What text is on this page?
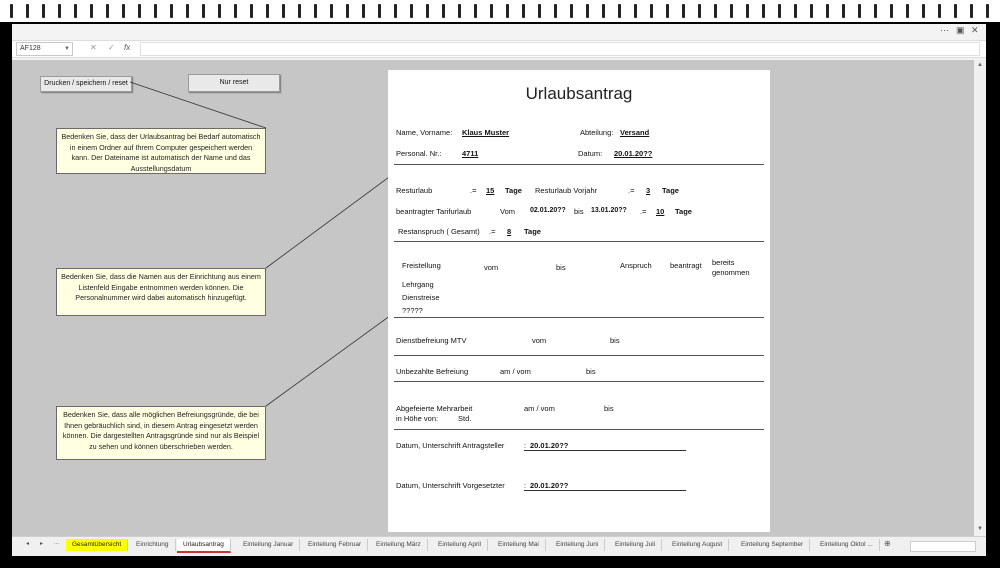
⋯ ▣ ✕
AF128	▼	✕ ✓ fx
Drucken / speichern / reset	Nur reset
Bedenken Sie, dass der Urlaubsantrag bei Bedarf automatisch in einem Ordner auf Ihrem Computer gespeichert werden kann. Der Dateiname ist automatisch der Name und das Ausstellungsdatum
Bedenken Sie, dass die Namen aus der Einrichtung aus einem Listenfeld Eingabe entnommen werden können. Die Personalnummer wird dabei automatisch hinzugefügt.
Bedenken Sie, dass alle möglichen Befreiungsgründe, die bei Ihnen gebräuchlich sind, in diesem Antrag eingesetzt werden können. Die dargestellten Antragsgründe sind nur als Beispiel zu sehen und können überschrieben werden.
Urlaubsantrag
Name, Vorname: Klaus Muster	Abteilung: Versand
Personal. Nr.:	4711	Datum: 20.01.20??
Resturlaub	.= 15 Tage Resturlaub Vorjahr	.= 3 Tage
beantragter Tarifurlaub	Vom 02.01.20?? bis 13.01.20?? .= 10 Tage
Restanspruch ( Gesamt) .= 8 Tage
Freistellung	vom	bis	Anspruch beantragt bereits
genommen
Lehrgang
Dienstreise
?????
Dienstbefreiung MTV	vom	bis
Unbezahlte Befreiung	am / vom	bis
Abgefeierte Mehrarbeit	am / vom	bis
in Höhe von:	Std.
Datum, Unterschrift Antragsteller	: 20.01.20??
Datum, Unterschrift Vorgesetzter	: 20.01.20??
▲
▼
◂ ▸ ...	Gesamtübersicht	Einrichtung	Urlaubsantrag	Einteilung Januar	Einteilung Februar	Einteilung März	Einteilung April	Einteilung Mai	Einteilung Juni	Einteilung Juli	Einteilung August	Einteilung September	Einteilung Oktol ...	⊕
